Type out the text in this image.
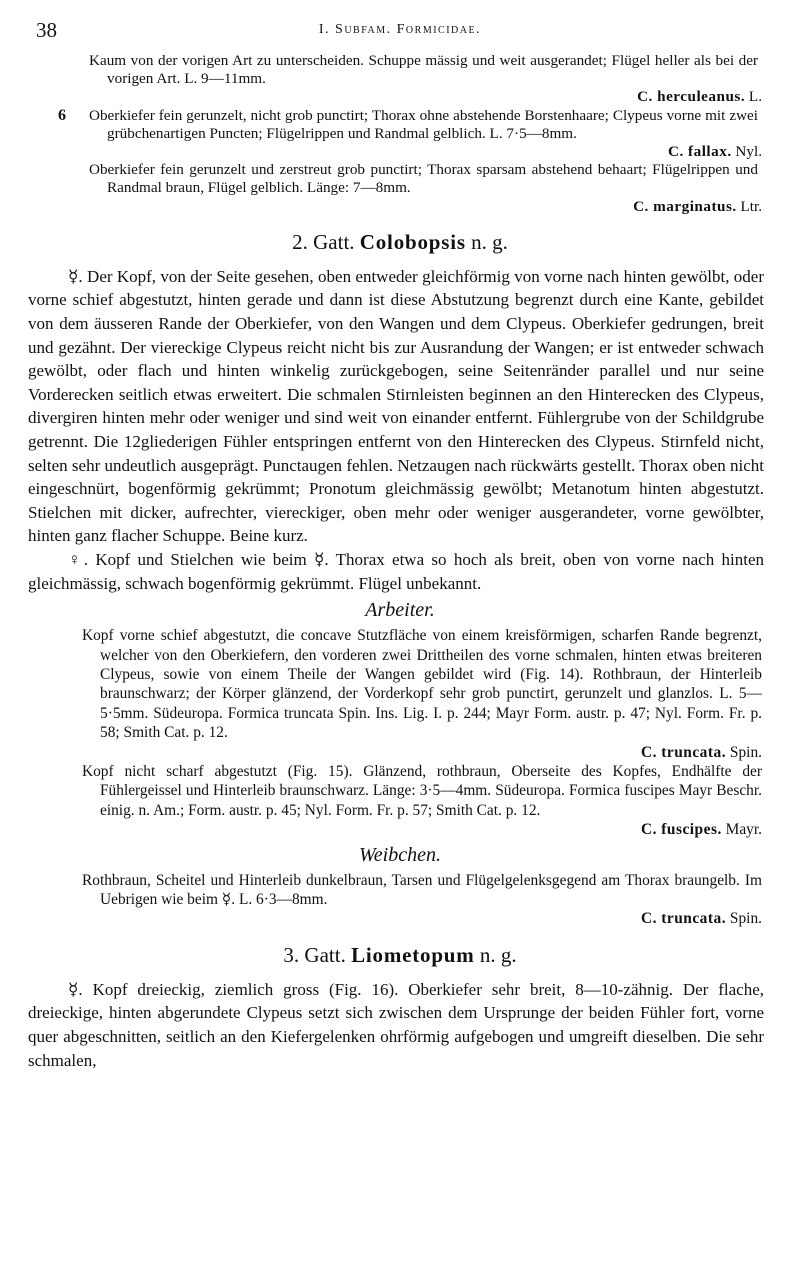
38	I. Subfam. Formicidae.

Kaum von der vorigen Art zu unterscheiden. Schuppe mässig und weit ausgerandet; Flügel heller als bei der vorigen Art. L. 9—11mm.

C. herculeanus. L.

6	Oberkiefer fein gerunzelt, nicht grob punctirt; Thorax ohne abstehende Borstenhaare; Clypeus vorne mit zwei grübchenartigen Puncten; Flügelrippen und Randmal gelblich. L. 7·5—8mm.

C. fallax. Nyl.

Oberkiefer fein gerunzelt und zerstreut grob punctirt; Thorax sparsam abstehend behaart; Flügelrippen und Randmal braun, Flügel gelblich. Länge: 7—8mm.

C. marginatus. Ltr.

2. Gatt. Colobopsis n. g.

☿. Der Kopf, von der Seite gesehen, oben entweder gleichförmig von vorne nach hinten gewölbt, oder vorne schief abgestutzt, hinten gerade und dann ist diese Abstutzung begrenzt durch eine Kante, gebildet von dem äusseren Rande der Oberkiefer, von den Wangen und dem Clypeus. Oberkiefer gedrungen, breit und gezähnt. Der viereckige Clypeus reicht nicht bis zur Ausrandung der Wangen; er ist entweder schwach gewölbt, oder flach und hinten winkelig zurückgebogen, seine Seitenränder parallel und nur seine Vorderecken seitlich etwas erweitert. Die schmalen Stirnleisten beginnen an den Hinterecken des Clypeus, divergiren hinten mehr oder weniger und sind weit von einander entfernt. Fühlergrube von der Schildgrube getrennt. Die 12gliederigen Fühler entspringen entfernt von den Hinterecken des Clypeus. Stirnfeld nicht, selten sehr undeutlich ausgeprägt. Punctaugen fehlen. Netzaugen nach rückwärts gestellt. Thorax oben nicht eingeschnürt, bogenförmig gekrümmt; Pronotum gleichmässig gewölbt; Metanotum hinten abgestutzt. Stielchen mit dicker, aufrechter, viereckiger, oben mehr oder weniger ausgerandeter, vorne gewölbter, hinten ganz flacher Schuppe. Beine kurz.

♀. Kopf und Stielchen wie beim ☿. Thorax etwa so hoch als breit, oben von vorne nach hinten gleichmässig, schwach bogenförmig gekrümmt. Flügel unbekannt.

Arbeiter.

Kopf vorne schief abgestutzt, die concave Stutzfläche von einem kreisförmigen, scharfen Rande begrenzt, welcher von den Oberkiefern, den vorderen zwei Drittheilen des vorne schmalen, hinten etwas breiteren Clypeus, sowie von einem Theile der Wangen gebildet wird (Fig. 14). Rothbraun, der Hinterleib braunschwarz; der Körper glänzend, der Vorderkopf sehr grob punctirt, gerunzelt und glanzlos. L. 5—5·5mm. Südeuropa. Formica truncata Spin. Ins. Lig. I. p. 244; Mayr Form. austr. p. 47; Nyl. Form. Fr. p. 58; Smith Cat. p. 12.
C. truncata. Spin.

Kopf nicht scharf abgestutzt (Fig. 15). Glänzend, rothbraun, Oberseite des Kopfes, Endhälfte der Fühlergeissel und Hinterleib braunschwarz. Länge: 3·5—4mm. Südeuropa. Formica fuscipes Mayr Beschr. einig. n. Am.; Form. austr. p. 45; Nyl. Form. Fr. p. 57; Smith Cat. p. 12.
C. fuscipes. Mayr.

Weibchen.

Rothbraun, Scheitel und Hinterleib dunkelbraun, Tarsen und Flügelgelenksgegend am Thorax braungelb. Im Uebrigen wie beim ☿. L. 6·3—8mm.
C. truncata. Spin.

3. Gatt. Liometopum n. g.

☿. Kopf dreieckig, ziemlich gross (Fig. 16). Oberkiefer sehr breit, 8—10-zähnig. Der flache, dreieckige, hinten abgerundete Clypeus setzt sich zwischen dem Ursprunge der beiden Fühler fort, vorne quer abgeschnitten, seitlich an den Kiefergelenken ohrförmig aufgebogen und umgreift dieselben. Die sehr schmalen,
